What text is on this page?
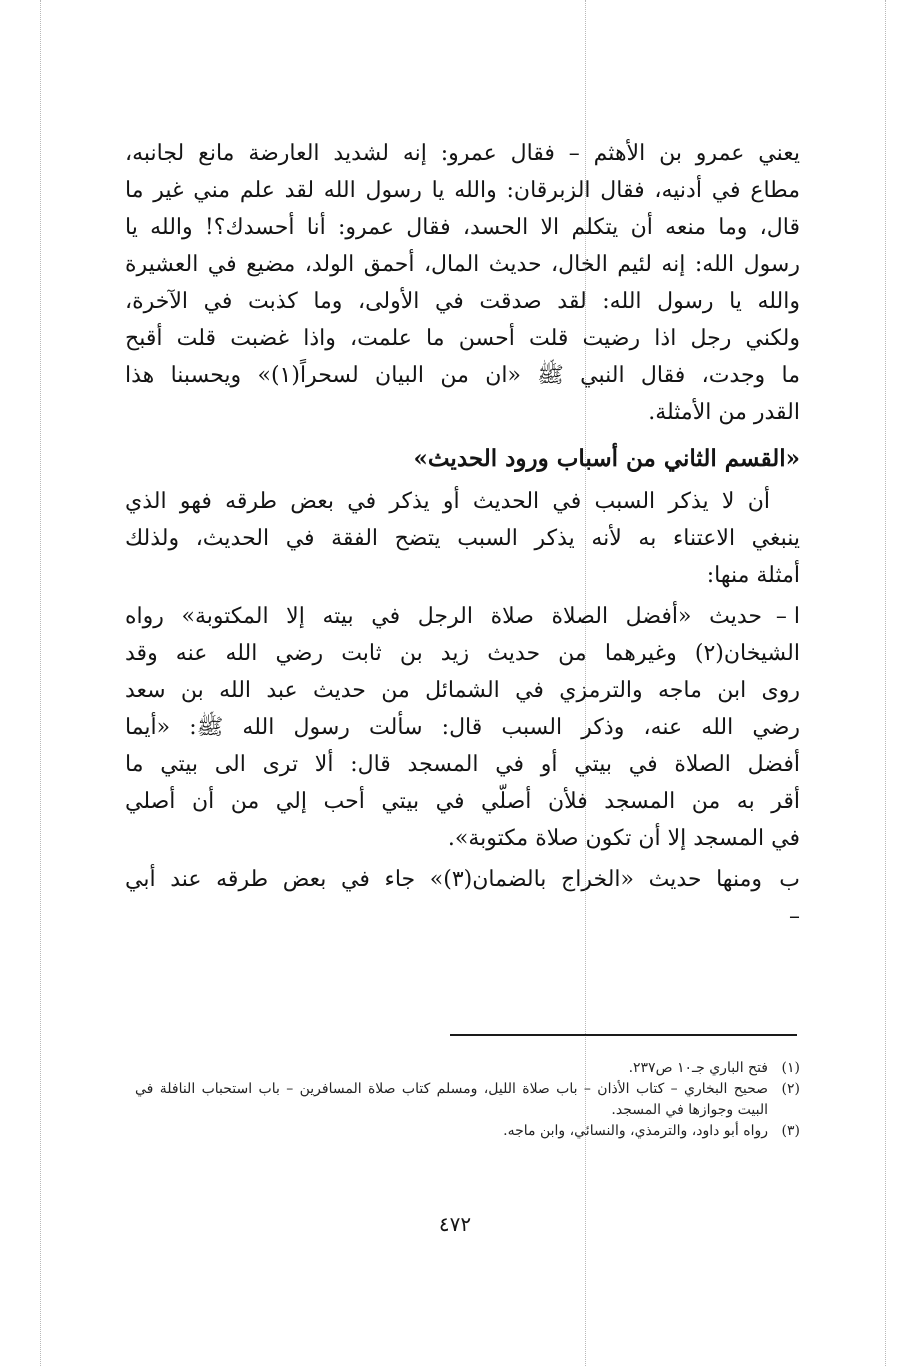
يعني عمرو بن الأهثم – فقال عمرو: إنه لشديد العارضة مانع لجانبه،
مطاع في أدنيه، فقال الزبرقان: والله يا رسول الله لقد علم مني غير ما
قال، وما منعه أن يتكلم الا الحسد، فقال عمرو: أنا أحسدك؟! والله يا
رسول الله: إنه لئيم الخال، حديث المال، أحمق الولد، مضيع في العشيرة
والله يا رسول الله: لقد صدقت في الأولى، وما كذبت في الآخرة،
ولكني رجل اذا رضيت قلت أحسن ما علمت، واذا غضبت قلت أقبح
ما وجدت، فقال النبي ﷺ «ان من البيان لسحراً(١)» ويحسبنا هذا
القدر من الأمثلة.
«القسم الثاني من أسباب ورود الحديث»
أن لا يذكر السبب في الحديث أو يذكر في بعض طرقه فهو الذي
ينبغي الاعتناء به لأنه يذكر السبب يتضح الفقة في الحديث، ولذلك
أمثلة منها:
ا –
حديث «أفضل الصلاة صلاة الرجل في بيته إلا المكتوبة» رواه
الشيخان(٢) وغيرهما من حديث زيد بن ثابت رضي الله عنه وقد
روى ابن ماجه والترمزي في الشمائل من حديث عبد الله بن سعد
رضي الله عنه، وذكر السبب قال: سألت رسول الله ﷺ: «أيما
أفضل الصلاة في بيتي أو في المسجد قال: ألا ترى الى بيتي ما
أقر به من المسجد فلأن أصلّي في بيتي أحب إلي من أن أصلي
في المسجد إلا أن تكون صلاة مكتوبة».
ب –
ومنها حديث «الخراج بالضمان(٣)» جاء في بعض طرقه عند أبي
(١)
فتح الباري جـ١٠ ص٢٣٧.
(٢)
صحيح البخاري – كتاب الأذان – باب صلاة الليل، ومسلم كتاب صلاة المسافرين – باب استحباب النافلة في البيت وجوازها في المسجد.
(٣)
رواه أبو داود، والترمذي، والنسائي، وابن ماجه.
٤٧٢
